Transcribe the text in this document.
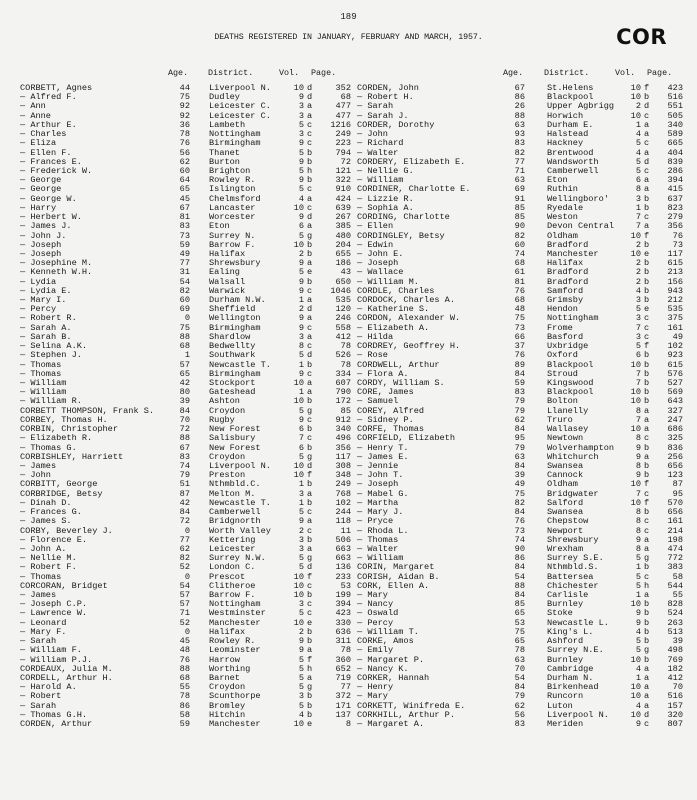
189
DEATHS REGISTERED IN JANUARY, FEBRUARY AND MARCH, 1957.	COR
Age. District.	Vol. Page.
CORBETT, Agnes	44 Liverpool N.	10 d	352
— Alfred F.	75 Dudley	9 d	68
— Ann	92 Leicester C.	3 a	477
— Anne	92 Leicester C.	3 a	477
— Arthur E.	36 Lambeth	5 c	1216
— Charles	78 Nottingham	3 c	249
— Eliza	76 Birmingham	9 c	223
— Ellen F.	56 Thanet	5 b	794
— Frances E.	62 Burton	9 b	72
— Frederick W.	60 Brighton	5 h	121
— George	64 Rowley R.	9 b	322
— George	65 Islington	5 c	910
— George W.	45 Chelmsford	4 a	424
— Harry	67 Lancaster	10 c	639
— Herbert W.	81 Worcester	9 d	267
— James J.	83 Eton	6 a	385
— John J.	73 Surrey N.	5 g	480
— Joseph	59 Barrow F.	10 b	204
— Joseph	49 Halifax	2 b	655
— Josephine M.	77 Shrewsbury	9 a	186
— Kenneth W.H.	31 Ealing	5 e	43
— Lydia	54 Walsall	9 b	650
— Lydia E.	82 Warwick	9 c	1046
— Mary I.	60 Durham N.W.	1 a	535
— Percy	69 Sheffield	2 d	120
— Robert R.	0 Wellington	9 a	246
— Sarah A.	75 Birmingham	9 c	558
— Sarah B.	88 Shardlow	3 a	412
— Selina A.K.	68 Bedwellty	8 c	78
— Stephen J.	1 Southwark	5 d	526
— Thomas	57 Newcastle T.	1 b	78
— Thomas	65 Birmingham	9 c	334
— William	42 Stockport	10 a	607
— William	80 Gateshead	1 a	790
— William R.	39 Ashton	10 b	172
CORBETT THOMPSON, Frank S.	84 Croydon	5 g	85
CORBEY, Thomas H.	70 Rugby	9 c	912
CORBIN, Christopher	72 New Forest	6 b	340
— Elizabeth R.	88 Salisbury	7 c	496
— Thomas G.	67 New Forest	6 b	356
CORBISHLEY, Harriett	83 Croydon	5 g	117
— James	74 Liverpool N.	10 d	308
— John	79 Preston	10 f	348
CORBITT, George	51 Nthmbld.C.	1 b	249
CORBRIDGE, Betsy	87 Melton M.	3 a	768
— Dinah D.	42 Newcastle T.	1 b	102
— Frances G.	84 Camberwell	5 c	244
— James S.	72 Bridgnorth	9 a	118
CORBY, Beverley J.	0 Worth Valley	2 c	11
— Florence E.	77 Kettering	3 b	506
— John A.	62 Leicester	3 a	663
— Nellie M.	82 Surrey N.W.	5 g	663
— Robert F.	52 London C.	5 d	136
— Thomas	0 Prescot	10 f	233
CORCORAN, Bridget	54 Clitheroe	10 c	53
— James	57 Barrow F.	10 b	199
— Joseph C.P.	57 Nottingham	3 c	394
— Lawrence W.	71 Westminster	5 c	423
— Leonard	52 Manchester	10 e	330
— Mary F.	0 Halifax	2 b	636
— Sarah	45 Rowley R.	9 b	311
— William F.	48 Leominster	9 a	78
— William P.J.	76 Harrow	5 f	360
CORDEAUX, Julia M.	88 Worthing	5 h	652
CORDELL, Arthur H.	68 Barnet	5 a	719
— Harold A.	55 Croydon	5 g	77
— Robert	78 Scunthorpe	3 b	372
— Sarah	86 Bromley	5 b	171
— Thomas G.H.	58 Hitchin	4 b	137
CORDEN, Arthur	59 Manchester	10 e	8
Age. District.	Vol. Page.
CORDEN, John	67	St.Helens	10 f	423
— Robert H.	86	Blackpool	10 b	516
— Sarah	26	Upper Agbrigg	2 d	551
— Sarah J.	88	Horwich	10 c	505
CORDER, Dorothy	63	Durham E.	1 a	340
— John	93	Halstead	4 a	589
— Richard	83	Hackney	5 c	665
— Walter	82	Brentwood	4 a	404
CORDERY, Elizabeth E.	77	Wandsworth	5 d	839
— Nellie G.	71	Camberwell	5 c	286
— William	63	Eton	6 a	394
CORDINER, Charlotte E.	69	Ruthin	8 a	415
— Lizzie R.	91	Wellingboro'	3 b	637
— Sophia A.	85	Ryedale	1 b	823
CORDING, Charlotte	85	Weston	7 c	279
— Ellen	90	Devon Central	7 a	356
CORDINGLEY, Betsy	82	Oldham	10 f	76
— Edwin	60	Bradford	2 b	73
— John E.	74	Manchester	10 e	117
— Joseph	68	Halifax	2 b	615
— Wallace	61	Bradford	2 b	213
— William M.	81	Bradford	2 b	156
CORDLE, Charles	76	Samford	4 b	943
CORDOCK, Charles A.	68	Grimsby	3 b	212
— Katherine S.	48	Hendon	5 e	535
CORDON, Alexander W.	75	Nottingham	3 c	375
— Elizabeth A.	73	Frome	7 c	161
— Hilda	66	Basford	3 c	49
CORDREY, Geoffrey H.	37	Uxbridge	5 f	102
— Rose	76	Oxford	6 b	923
CORDWELL, Arthur	89	Blackpool	10 b	615
— Flora A.	84	Stroud	7 b	576
CORDY, William S.	59	Kingswood	7 b	527
CORE, James	83	Blackpool	10 b	569
— Samuel	79	Bolton	10 b	643
COREY, Alfred	79	Llanelly	8 a	327
— Sidney P.	62	Truro	7 a	247
CORFE, Thomas	84	Wallasey	10 a	686
CORFIELD, Elizabeth	95	Newtown	8 c	325
— Henry T.	79	Wolverhampton	9 b	836
— James E.	63	Whitchurch	9 a	256
— Jennie	84	Swansea	8 b	656
— John T.	39	Cannock	9 b	123
— Joseph	49	Oldham	10 f	87
— Mabel G.	75	Bridgwater	7 c	95
— Martha	82	Salford	10 f	570
— Mary J.	84	Swansea	8 b	656
— Pryce	76	Chepstow	8 c	161
— Rhoda L.	73	Newport	8 c	214
— Thomas	74	Shrewsbury	9 a	198
— Walter	90	Wrexham	8 a	474
— William	86	Surrey S.E.	5 g	772
CORIN, Margaret	84	Nthmbld.S.	1 b	383
CORISH, Aidan B.	54	Battersea	5 c	58
CORK, Ellen A.	88	Chichester	5 h	544
— Mary	84	Carlisle	1 a	55
— Nancy	85	Burnley	10 b	828
— Oswald	65	Stoke	9 b	524
— Percy	53	Newcastle L.	9 b	263
— William T.	75	King's L.	4 b	513
CORKE, Amos	65	Ashford	5 b	39
— Emily	78	Surrey N.E.	5 g	498
— Margaret P.	63	Burnley	10 b	769
— Nancy K.	70	Cambridge	4 a	182
CORKER, Hannah	54	Durham N.	1 a	412
— Henry	84	Birkenhead	10 a	70
— Mary	79	Runcorn	10 a	516
CORKETT, Winifreda E.	62	Luton	4 a	157
CORKHILL, Arthur P.	56	Liverpool N.	10 d	320
— Margaret A.	83	Meriden	9 c	807
